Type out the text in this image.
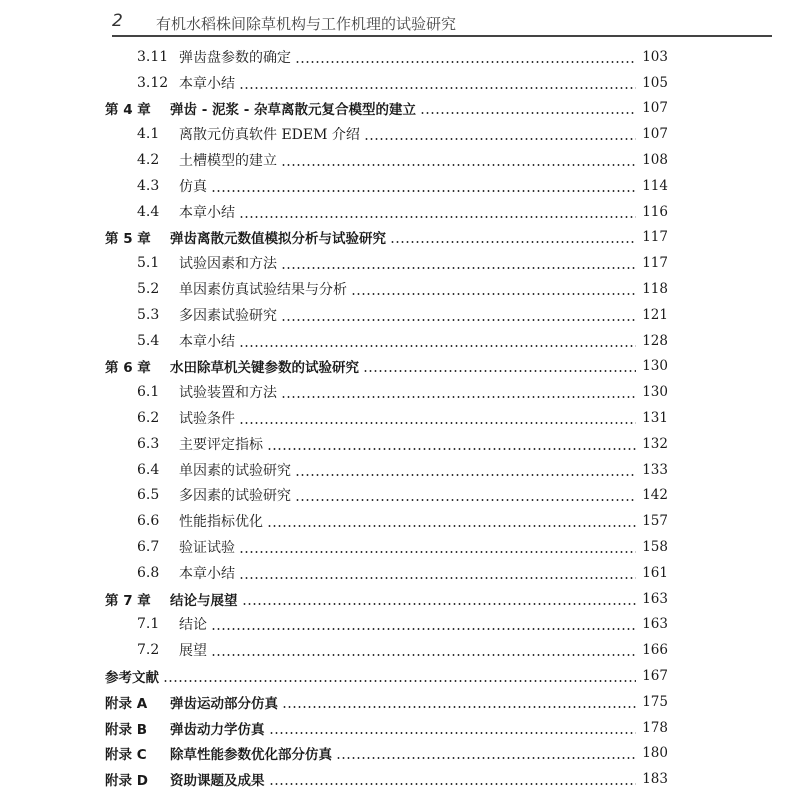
2 有机水稻株间除草机构与工作机理的试验研究
3.11 弹齿盘参数的确定	103
3.12 本章小结	105
第 4 章	弹齿 - 泥浆 - 杂草离散元复合模型的建立	107
4.1	离散元仿真软件 EDEM 介绍	107
4.2	土槽模型的建立	108
4.3	仿真	114
4.4	本章小结	116
第 5 章	弹齿离散元数值模拟分析与试验研究	117
5.1	试验因素和方法	117
5.2	单因素仿真试验结果与分析	118
5.3	多因素试验研究	121
5.4	本章小结	128
第 6 章	水田除草机关键参数的试验研究	130
6.1	试验装置和方法	130
6.2	试验条件	131
6.3	主要评定指标	132
6.4	单因素的试验研究	133
6.5	多因素的试验研究	142
6.6	性能指标优化	157
6.7	验证试验	158
6.8	本章小结	161
第 7 章	结论与展望	163
7.1	结论	163
7.2	展望	166
参考文献	167
附录 A	弹齿运动部分仿真	175
附录 B	弹齿动力学仿真	178
附录 C	除草性能参数优化部分仿真	180
附录 D	资助课题及成果	183
